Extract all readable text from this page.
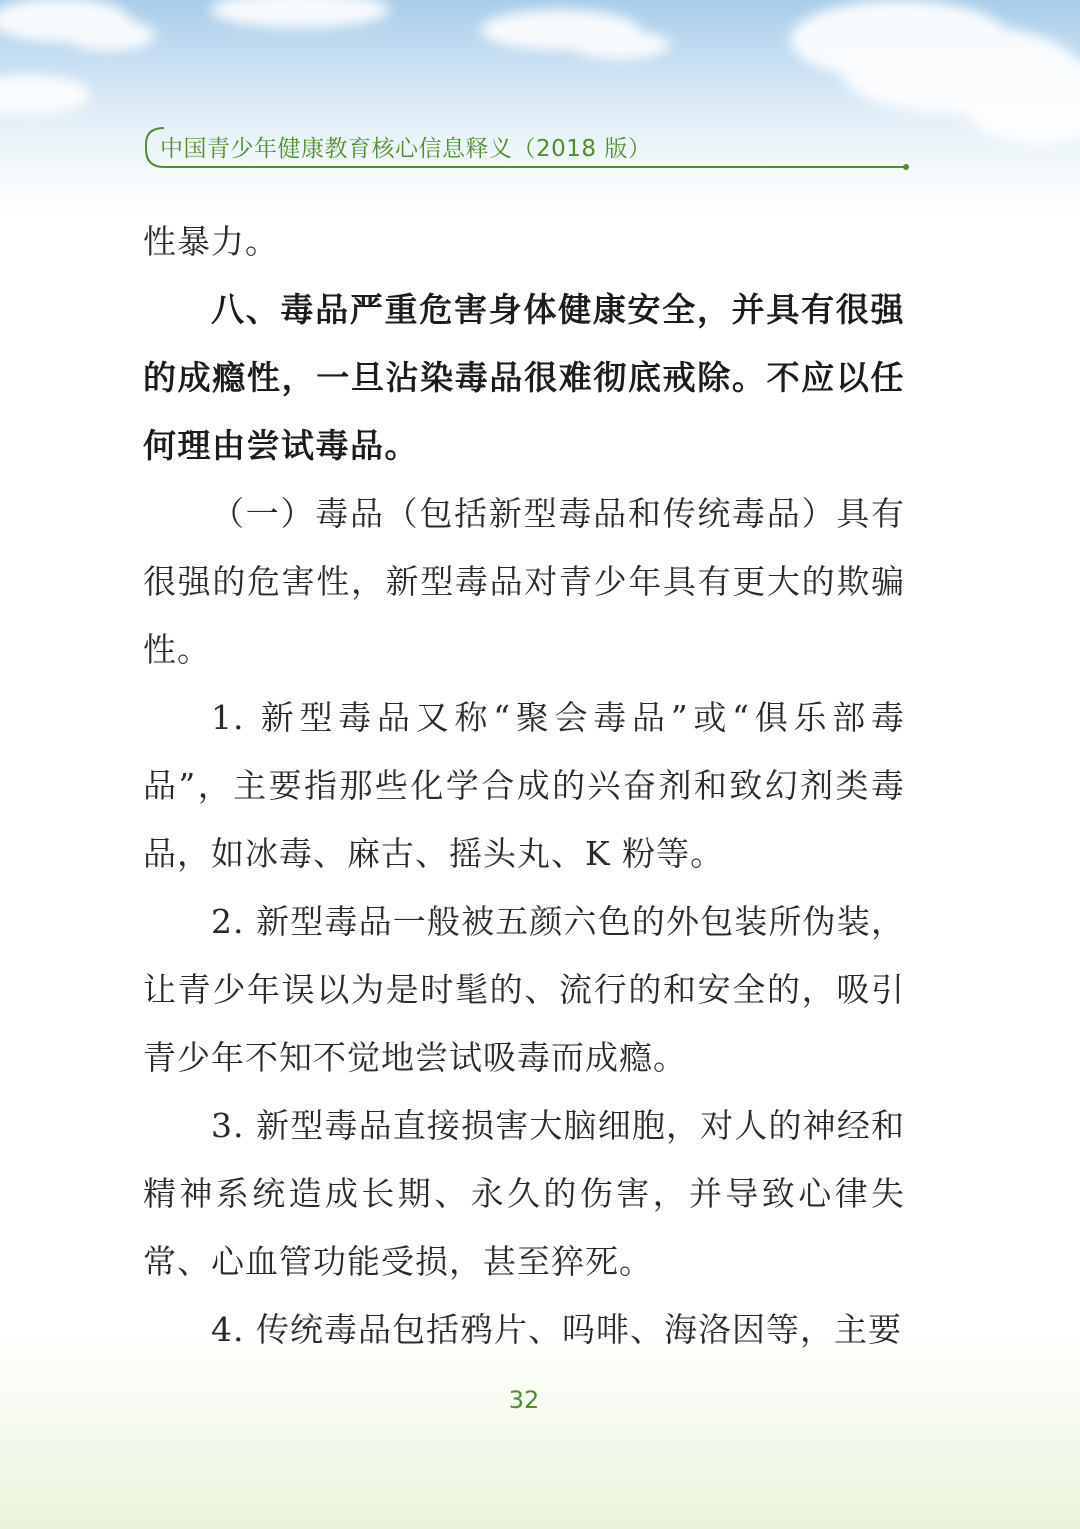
中国青少年健康教育核心信息释义（2018 版）

性暴力。

八、毒品严重危害身体健康安全，并具有很强的成瘾性，一旦沾染毒品很难彻底戒除。不应以任何理由尝试毒品。

（一）毒品（包括新型毒品和传统毒品）具有很强的危害性，新型毒品对青少年具有更大的欺骗性。

1. 新型毒品又称“聚会毒品”或“俱乐部毒品”，主要指那些化学合成的兴奋剂和致幻剂类毒品，如冰毒、麻古、摇头丸、K 粉等。

2. 新型毒品一般被五颜六色的外包装所伪装，让青少年误以为是时髦的、流行的和安全的，吸引青少年不知不觉地尝试吸毒而成瘾。

3. 新型毒品直接损害大脑细胞，对人的神经和精神系统造成长期、永久的伤害，并导致心律失常、心血管功能受损，甚至猝死。

4. 传统毒品包括鸦片、吗啡、海洛因等，主要

32
